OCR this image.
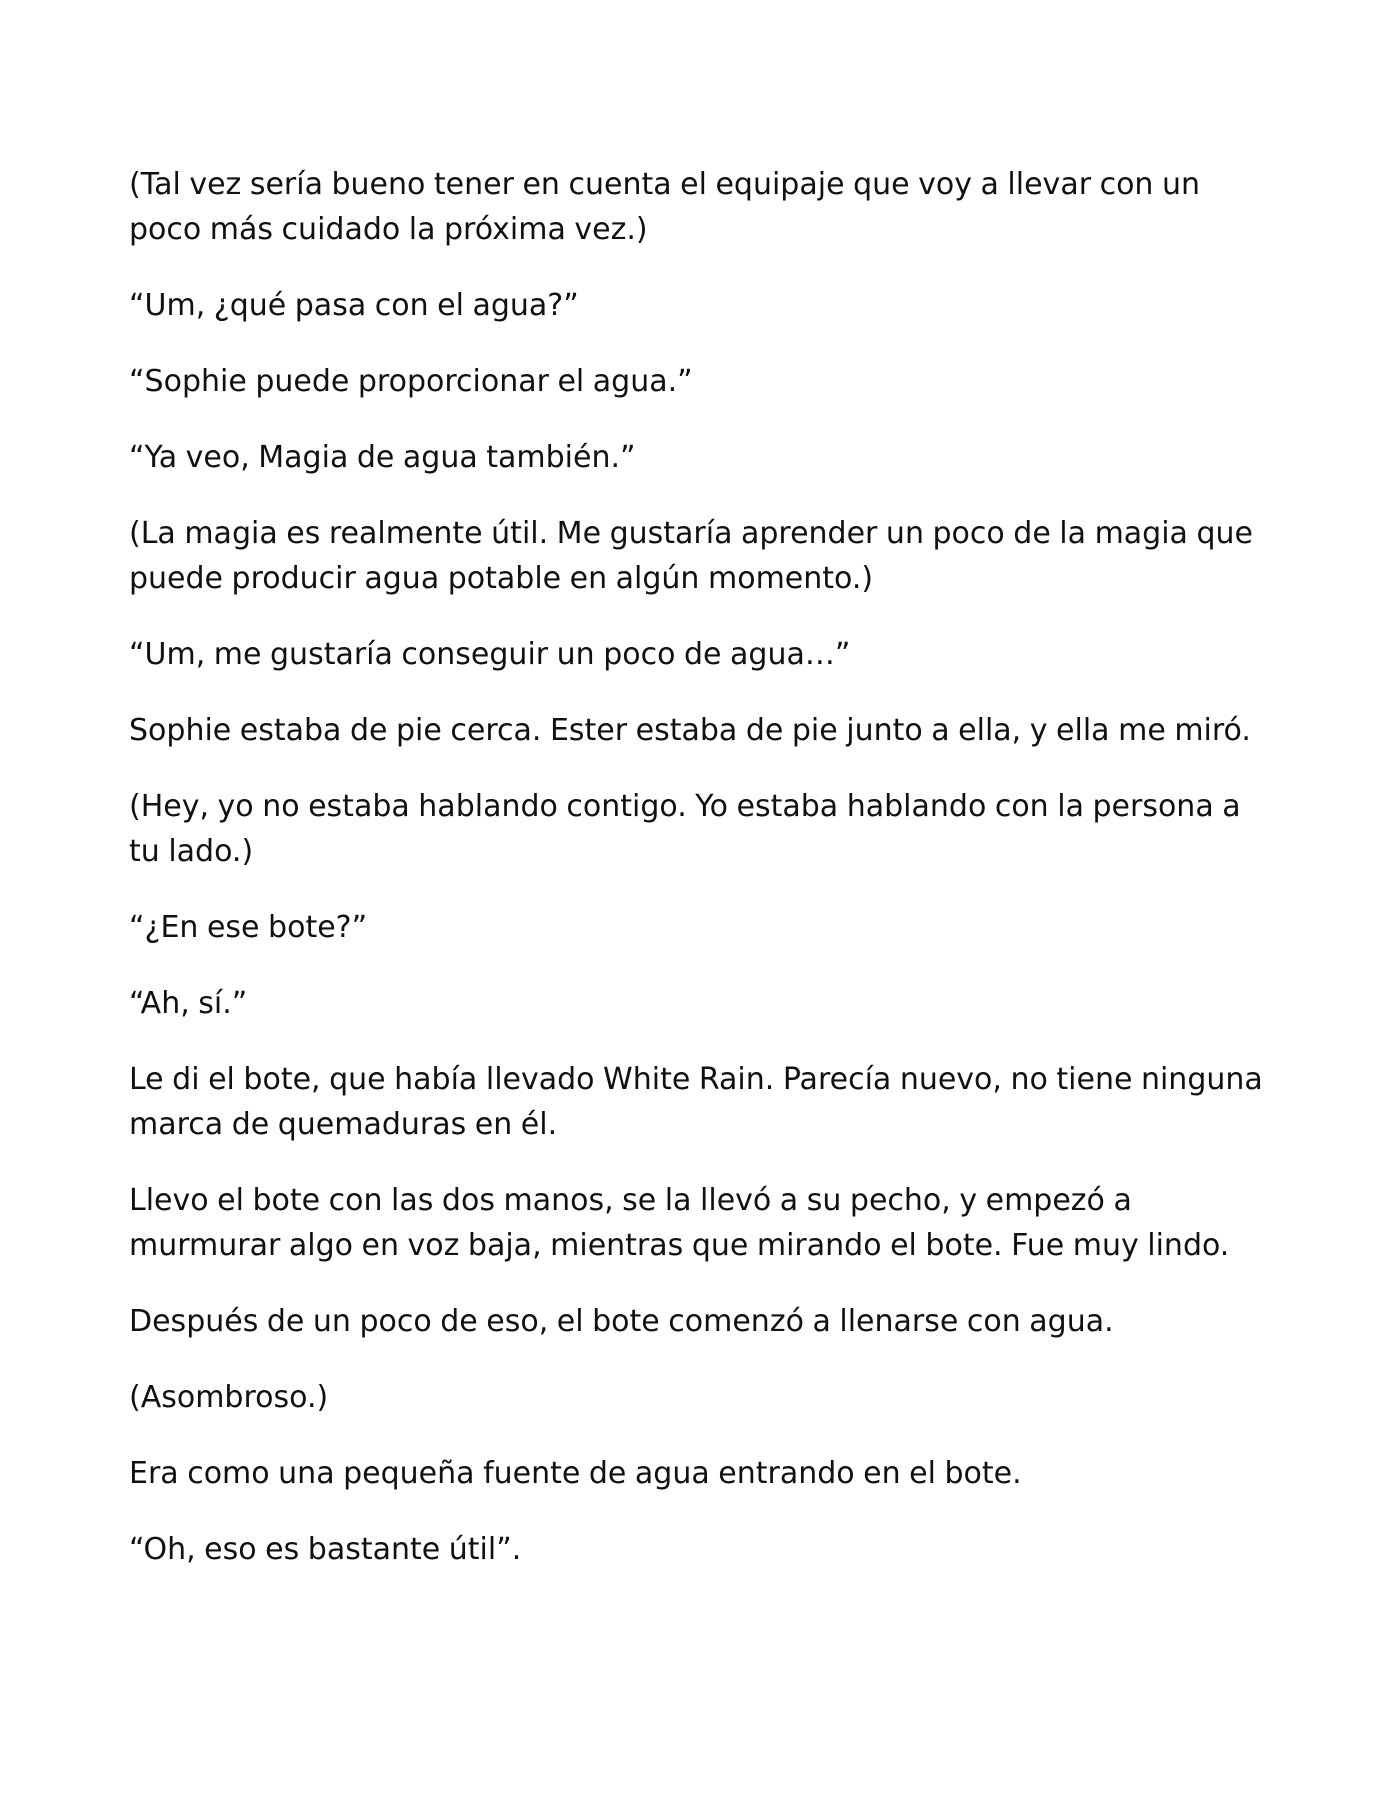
(Tal vez sería bueno tener en cuenta el equipaje que voy a llevar con un poco más cuidado la próxima vez.)

“Um, ¿qué pasa con el agua?”

“Sophie puede proporcionar el agua.”

“Ya veo, Magia de agua también.”

(La magia es realmente útil. Me gustaría aprender un poco de la magia que puede producir agua potable en algún momento.)

“Um, me gustaría conseguir un poco de agua…”

Sophie estaba de pie cerca. Ester estaba de pie junto a ella, y ella me miró.

(Hey, yo no estaba hablando contigo. Yo estaba hablando con la persona a tu lado.)

“¿En ese bote?”

“Ah, sí.”

Le di el bote, que había llevado White Rain. Parecía nuevo, no tiene ninguna marca de quemaduras en él.

Llevo el bote con las dos manos, se la llevó a su pecho, y empezó a murmurar algo en voz baja, mientras que mirando el bote. Fue muy lindo.

Después de un poco de eso, el bote comenzó a llenarse con agua.

(Asombroso.)

Era como una pequeña fuente de agua entrando en el bote.

“Oh, eso es bastante útil”.
